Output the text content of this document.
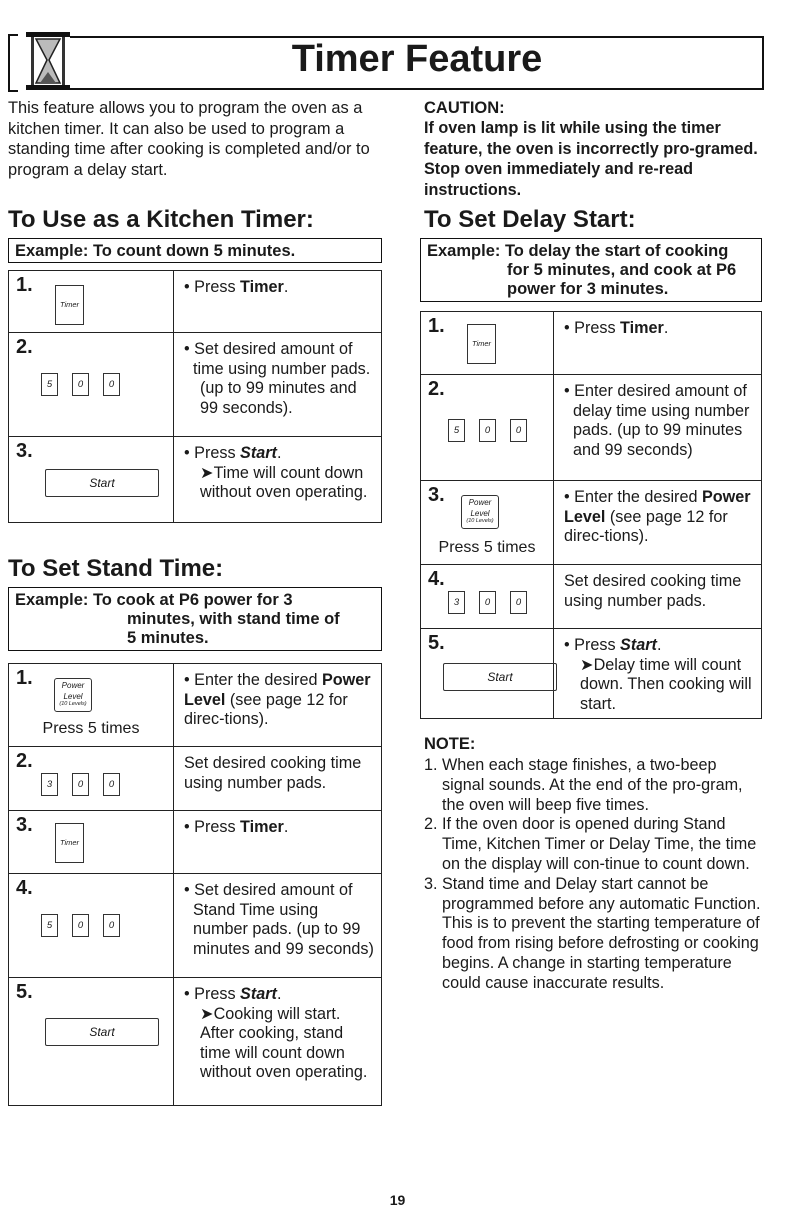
Timer Feature

This feature allows you to program the oven as a kitchen timer. It can also be used to program a standing time after cooking is completed and/or to program a delay start.

To Use as a Kitchen Timer:
Example: To count down 5 minutes.
1.
Timer	• Press Timer.

2.
5 0 0	• Set desired amount of time using number pads.
(up to 99 minutes and 99 seconds).

3.
Start	• Press Start.
➤Time will count down without oven operating.
To Set Stand Time:
Example: To cook at P6 power for 3
minutes, with stand time of
5 minutes.
1. Power
Level
(10 Levels)
Press 5 times	• Enter the desired Power Level (see page 12 for direc-tions).

2.
3 0 0	Set desired cooking time using number pads.

3.
Timer	• Press Timer.

4.
5 0 0	• Set desired amount of Stand Time using number pads. (up to 99 minutes and 99 seconds)

5.
Start	• Press Start.
➤Cooking will start. After cooking, stand time will count down without oven operating.

CAUTION:

If oven lamp is lit while using the timer feature, the oven is incorrectly pro-gramed. Stop oven immediately and re-read instructions.

To Set Delay Start:
Example: To delay the start of cooking
for 5 minutes, and cook at P6
power for 3 minutes.
1.
Timer	• Press Timer.

2.
5 0 0	• Enter desired amount of delay time using number pads. (up to 99 minutes and 99 seconds)

3. Power
Level
(10 Levels)
Press 5 times	• Enter the desired Power Level (see page 12 for direc-tions).

4.
3 0 0	Set desired cooking time using number pads.

5.
Start	• Press Start.
➤Delay time will count down. Then cooking will start.

NOTE:

1. When each stage finishes, a two-beep signal sounds. At the end of the pro-gram, the oven will beep five times.
2. If the oven door is opened during Stand Time, Kitchen Timer or Delay Time, the time on the display will con-tinue to count down.
3. Stand time and Delay start cannot be programmed before any automatic Function. This is to prevent the starting temperature of food from rising before defrosting or cooking begins. A change in starting temperature could cause inaccurate results.
19
